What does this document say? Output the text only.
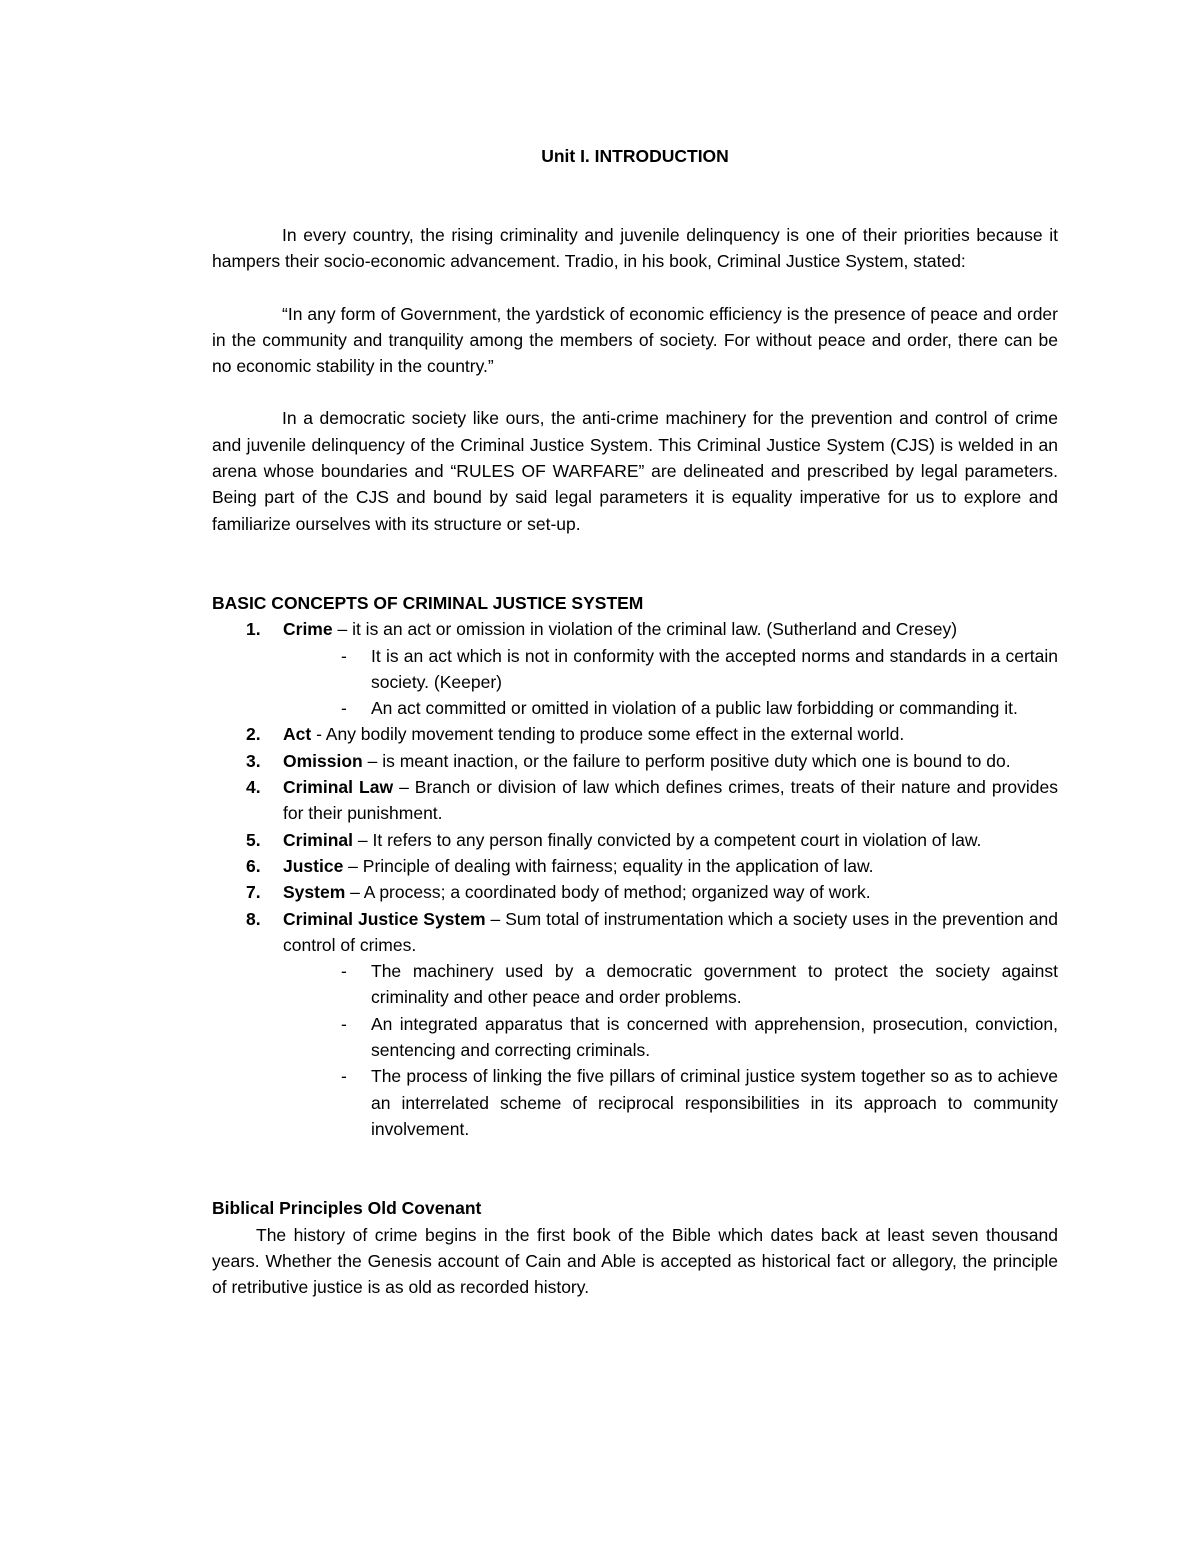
Unit I. INTRODUCTION

In every country, the rising criminality and juvenile delinquency is one of their priorities because it hampers their socio-economic advancement. Tradio, in his book, Criminal Justice System, stated:

“In any form of Government, the yardstick of economic efficiency is the presence of peace and order in the community and tranquility among the members of society. For without peace and order, there can be no economic stability in the country.”

In a democratic society like ours, the anti-crime machinery for the prevention and control of crime and juvenile delinquency of the Criminal Justice System. This Criminal Justice System (CJS) is welded in an arena whose boundaries and “RULES OF WARFARE” are delineated and prescribed by legal parameters. Being part of the CJS and bound by said legal parameters it is equality imperative for us to explore and familiarize ourselves with its structure or set-up.

BASIC CONCEPTS OF CRIMINAL JUSTICE SYSTEM

1.	Crime – it is an act or omission in violation of the criminal law. (Sutherland and Cresey)

- It is an act which is not in conformity with the accepted norms and standards in a certain society. (Keeper)

- An act committed or omitted in violation of a public law forbidding or commanding it.

2.	Act - Any bodily movement tending to produce some effect in the external world.

3.	Omission – is meant inaction, or the failure to perform positive duty which one is bound to do.

4.	Criminal Law – Branch or division of law which defines crimes, treats of their nature and provides for their punishment.

5.	Criminal – It refers to any person finally convicted by a competent court in violation of law.

6.	Justice – Principle of dealing with fairness; equality in the application of law.

7.	System – A process; a coordinated body of method; organized way of work.

8.	Criminal Justice System – Sum total of instrumentation which a society uses in the prevention and control of crimes.

- The machinery used by a democratic government to protect the society against criminality and other peace and order problems.

- An integrated apparatus that is concerned with apprehension, prosecution, conviction, sentencing and correcting criminals.

- The process of linking the five pillars of criminal justice system together so as to achieve an interrelated scheme of reciprocal responsibilities in its approach to community involvement.

Biblical Principles Old Covenant

The history of crime begins in the first book of the Bible which dates back at least seven thousand years. Whether the Genesis account of Cain and Able is accepted as historical fact or allegory, the principle of retributive justice is as old as recorded history.
